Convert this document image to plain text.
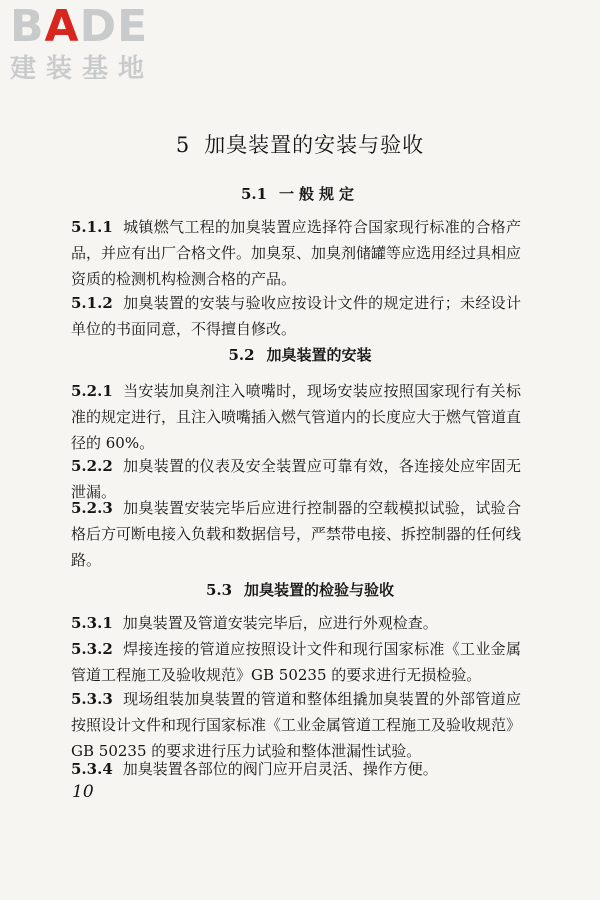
BADE
建装基地
5 加臭装置的安装与验收
5.1 一般规定
5.1.1 城镇燃气工程的加臭装置应选择符合国家现行标准的合格产品，并应有出厂合格文件。加臭泵、加臭剂储罐等应选用经过具相应资质的检测机构检测合格的产品。
5.1.2 加臭装置的安装与验收应按设计文件的规定进行；未经设计单位的书面同意，不得擅自修改。
5.2 加臭装置的安装
5.2.1 当安装加臭剂注入喷嘴时，现场安装应按照国家现行有关标准的规定进行，且注入喷嘴插入燃气管道内的长度应大于燃气管道直径的 60%。
5.2.2 加臭装置的仪表及安全装置应可靠有效，各连接处应牢固无泄漏。
5.2.3 加臭装置安装完毕后应进行控制器的空载模拟试验，试验合格后方可断电接入负载和数据信号，严禁带电接、拆控制器的任何线路。
5.3 加臭装置的检验与验收
5.3.1 加臭装置及管道安装完毕后，应进行外观检查。
5.3.2 焊接连接的管道应按照设计文件和现行国家标准《工业金属管道工程施工及验收规范》GB 50235 的要求进行无损检验。
5.3.3 现场组装加臭装置的管道和整体组撬加臭装置的外部管道应按照设计文件和现行国家标准《工业金属管道工程施工及验收规范》GB 50235 的要求进行压力试验和整体泄漏性试验。
5.3.4 加臭装置各部位的阀门应开启灵活、操作方便。
10
